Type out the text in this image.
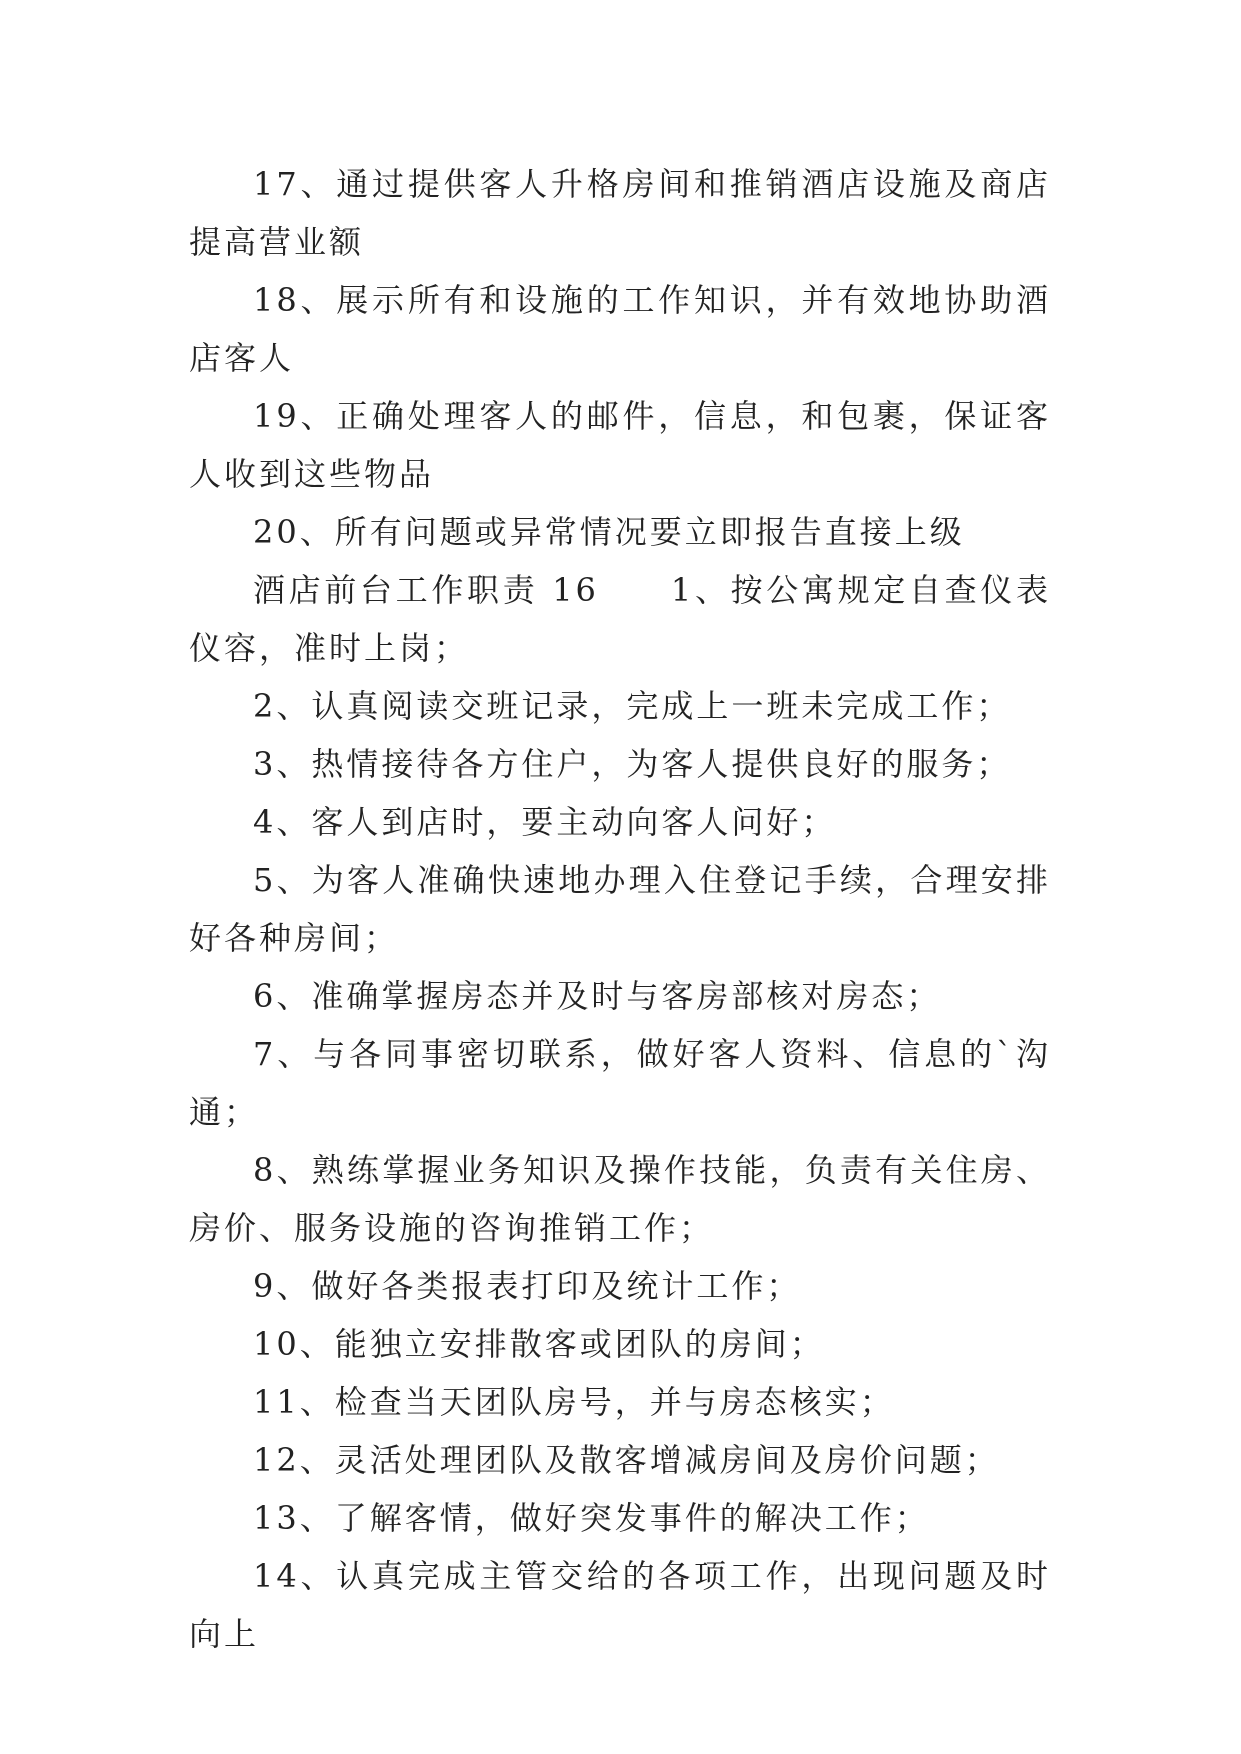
17、通过提供客人升格房间和推销酒店设施及商店提高营业额

18、展示所有和设施的工作知识，并有效地协助酒店客人

19、正确处理客人的邮件，信息，和包裹，保证客人收到这些物品

20、所有问题或异常情况要立即报告直接上级

酒店前台工作职责 16　　1、按公寓规定自查仪表仪容，准时上岗；

2、认真阅读交班记录，完成上一班未完成工作；

3、热情接待各方住户，为客人提供良好的服务；

4、客人到店时，要主动向客人问好；

5、为客人准确快速地办理入住登记手续，合理安排好各种房间；

6、准确掌握房态并及时与客房部核对房态；

7、与各同事密切联系，做好客人资料、信息的`沟通；

8、熟练掌握业务知识及操作技能，负责有关住房、房价、服务设施的咨询推销工作；

9、做好各类报表打印及统计工作；

10、能独立安排散客或团队的房间；

11、检查当天团队房号，并与房态核实；

12、灵活处理团队及散客增减房间及房价问题；

13、了解客情，做好突发事件的解决工作；

14、认真完成主管交给的各项工作，出现问题及时向上
